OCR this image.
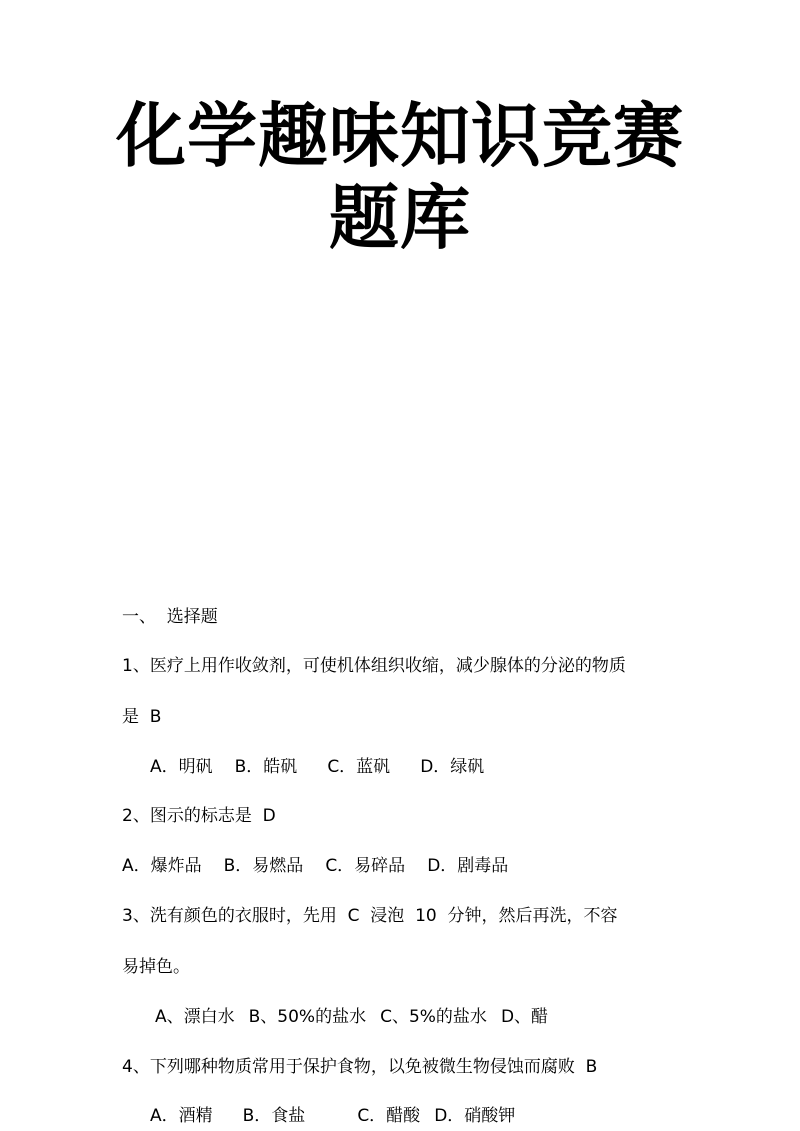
化学趣味知识竞赛
题库
一、  选择题
1、医疗上用作收敛剂，可使机体组织收缩，减少腺体的分泌的物质
是  B
A．明矾 B．皓矾 C．蓝矾 D．绿矾
2、图示的标志是  D
A．爆炸品 B．易燃品 C．易碎品 D．剧毒品
3、洗有颜色的衣服时，先用  C  浸泡  10  分钟，然后再洗，不容
易掉色。
A、漂白水 B、50%的盐水 C、5%的盐水 D、醋
4、下列哪种物质常用于保护食物，以免被微生物侵蚀而腐败  B
A．酒精 B．食盐	C．醋酸 D．硝酸钾
